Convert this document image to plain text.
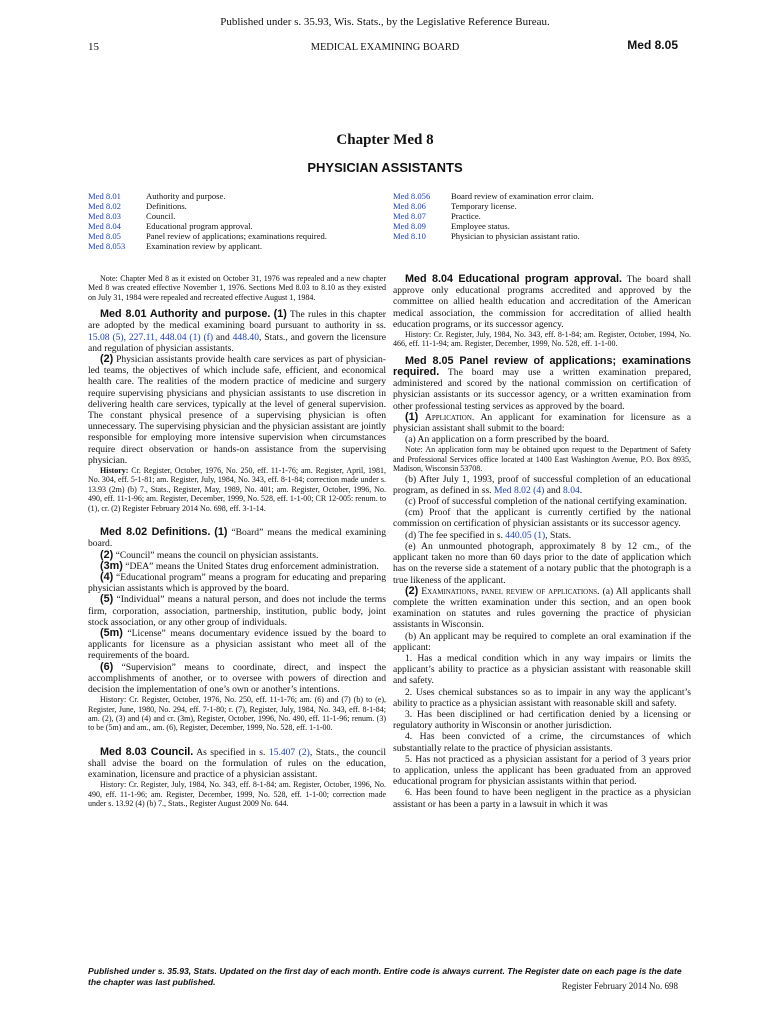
Published under s. 35.93, Wis. Stats., by the Legislative Reference Bureau.
15	MEDICAL EXAMINING BOARD	Med 8.05
Chapter Med 8
PHYSICIAN ASSISTANTS
Med 8.01	Authority and purpose.
Med 8.02	Definitions.
Med 8.03	Council.
Med 8.04	Educational program approval.
Med 8.05	Panel review of applications; examinations required.
Med 8.053	Examination review by applicant.
Med 8.056	Board review of examination error claim.
Med 8.06	Temporary license.
Med 8.07	Practice.
Med 8.09	Employee status.
Med 8.10	Physician to physician assistant ratio.

Note: Chapter Med 8 as it existed on October 31, 1976 was repealed and a new chapter Med 8 was created effective November 1, 1976. Sections Med 8.03 to 8.10 as they existed on July 31, 1984 were repealed and recreated effective August 1, 1984.

Med 8.01 Authority and purpose. (1) The rules in this chapter are adopted by the medical examining board pursuant to authority in ss. 15.08 (5), 227.11, 448.04 (1) (f) and 448.40, Stats., and govern the licensure and regulation of physician assistants.

(2) Physician assistants provide health care services as part of physician-led teams, the objectives of which include safe, efficient, and economical health care. The realities of the modern practice of medicine and surgery require supervising physicians and physician assistants to use discretion in delivering health care services, typically at the level of general supervision. The constant physical presence of a supervising physician is often unnecessary. The supervising physician and the physician assistant are jointly responsible for employing more intensive supervision when circumstances require direct observation or hands-on assistance from the supervising physician.

History: Cr. Register, October, 1976, No. 250, eff. 11-1-76; am. Register, April, 1981, No. 304, eff. 5-1-81; am. Register, July, 1984, No. 343, eff. 8-1-84; correction made under s. 13.93 (2m) (b) 7., Stats., Register, May, 1989, No. 401; am. Register, October, 1996, No. 490, eff. 11-1-96; am. Register, December, 1999, No. 528, eff. 1-1-00; CR 12-005: renum. to (1), cr. (2) Register February 2014 No. 698, eff. 3-1-14.

Med 8.02 Definitions. (1) “Board” means the medical examining board.

(2) “Council” means the council on physician assistants.

(3m) “DEA” means the United States drug enforcement administration.

(4) “Educational program” means a program for educating and preparing physician assistants which is approved by the board.

(5) “Individual” means a natural person, and does not include the terms firm, corporation, association, partnership, institution, public body, joint stock association, or any other group of individuals.

(5m) “License” means documentary evidence issued by the board to applicants for licensure as a physician assistant who meet all of the requirements of the board.

(6) “Supervision” means to coordinate, direct, and inspect the accomplishments of another, or to oversee with powers of direction and decision the implementation of one’s own or another’s intentions.

History: Cr. Register, October, 1976, No. 250, eff. 11-1-76; am. (6) and (7) (b) to (e), Register, June, 1980, No. 294, eff. 7-1-80; r. (7), Register, July, 1984, No. 343, eff. 8-1-84; am. (2), (3) and (4) and cr. (3m), Register, October, 1996, No. 490, eff. 11-1-96; renum. (3) to be (5m) and am., am. (6), Register, December, 1999, No. 528, eff. 1-1-00.

Med 8.03 Council. As specified in s. 15.407 (2), Stats., the council shall advise the board on the formulation of rules on the education, examination, licensure and practice of a physician assistant.

History: Cr. Register, July, 1984, No. 343, eff. 8-1-84; am. Register, October, 1996, No. 490, eff. 11-1-96; am. Register, December, 1999, No. 528, eff. 1-1-00; correction made under s. 13.92 (4) (b) 7., Stats., Register August 2009 No. 644.

Med 8.04 Educational program approval. The board shall approve only educational programs accredited and approved by the committee on allied health education and accreditation of the American medical association, the commission for accreditation of allied health education programs, or its successor agency.

History: Cr. Register, July, 1984, No. 343, eff. 8-1-84; am. Register, October, 1994, No. 466, eff. 11-1-94; am. Register, December, 1999, No. 528, eff. 1-1-00.

Med 8.05 Panel review of applications; examinations required. The board may use a written examination prepared, administered and scored by the national commission on certification of physician assistants or its successor agency, or a written examination from other professional testing services as approved by the board.

(1) Application. An applicant for examination for licensure as a physician assistant shall submit to the board:

(a) An application on a form prescribed by the board.

Note: An application form may be obtained upon request to the Department of Safety and Professional Services office located at 1400 East Washington Avenue, P.O. Box 8935, Madison, Wisconsin 53708.

(b) After July 1, 1993, proof of successful completion of an educational program, as defined in ss. Med 8.02 (4) and 8.04.

(c) Proof of successful completion of the national certifying examination.

(cm) Proof that the applicant is currently certified by the national commission on certification of physician assistants or its successor agency.

(d) The fee specified in s. 440.05 (1), Stats.

(e) An unmounted photograph, approximately 8 by 12 cm., of the applicant taken no more than 60 days prior to the date of application which has on the reverse side a statement of a notary public that the photograph is a true likeness of the applicant.

(2) Examinations, panel review of applications. (a) All applicants shall complete the written examination under this section, and an open book examination on statutes and rules governing the practice of physician assistants in Wisconsin.

(b) An applicant may be required to complete an oral examination if the applicant:

1. Has a medical condition which in any way impairs or limits the applicant’s ability to practice as a physician assistant with reasonable skill and safety.

2. Uses chemical substances so as to impair in any way the applicant’s ability to practice as a physician assistant with reasonable skill and safety.

3. Has been disciplined or had certification denied by a licensing or regulatory authority in Wisconsin or another jurisdiction.

4. Has been convicted of a crime, the circumstances of which substantially relate to the practice of physician assistants.

5. Has not practiced as a physician assistant for a period of 3 years prior to application, unless the applicant has been graduated from an approved educational program for physician assistants within that period.

6. Has been found to have been negligent in the practice as a physician assistant or has been a party in a lawsuit in which it was

Published under s. 35.93, Stats. Updated on the first day of each month. Entire code is always current. The Register date on each page is the date the chapter was last published.	Register February 2014 No. 698
